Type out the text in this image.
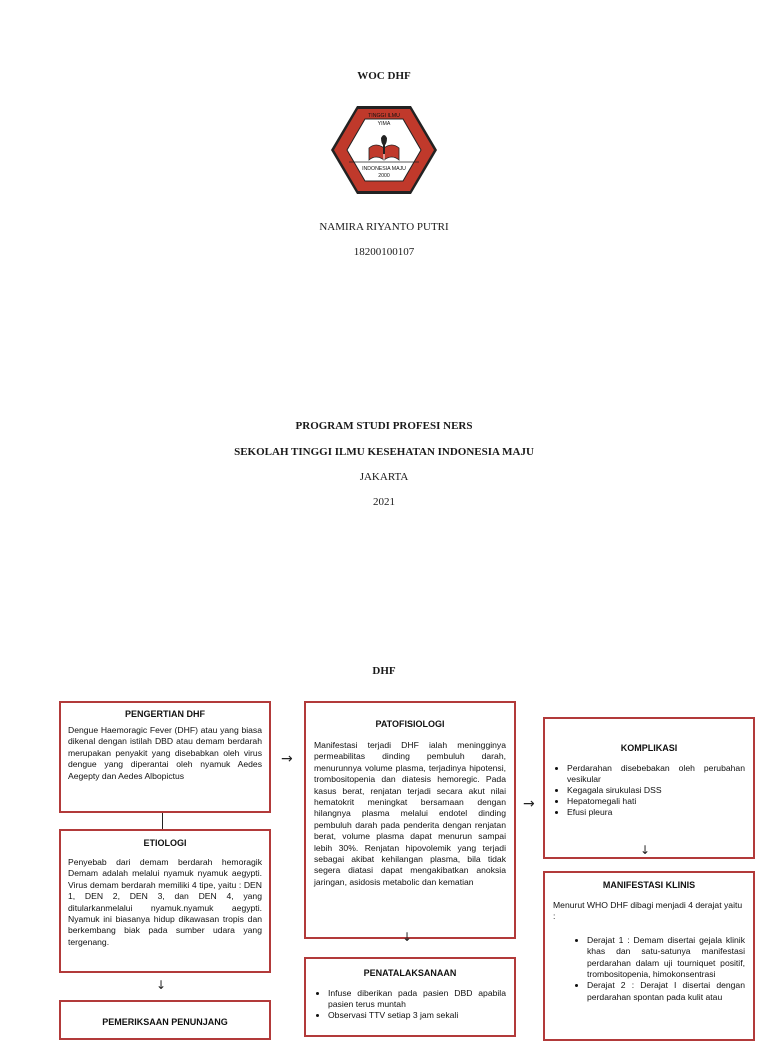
WOC DHF
TINGGI ILMU
YIMA
INDONESIA MAJU
2000
NAMIRA RIYANTO PUTRI
18200100107
PROGRAM STUDI PROFESI NERS
SEKOLAH TINGGI ILMU KESEHATAN INDONESIA MAJU
JAKARTA
2021
DHF
PENGERTIAN DHF
Dengue Haemoragic Fever (DHF) atau yang biasa dikenal dengan istilah DBD atau demam berdarah merupakan penyakit yang disebabkan oleh virus dengue yang diperantai oleh nyamuk Aedes Aegepty dan Aedes Albopictus
ETIOLOGI
Penyebab dari demam berdarah hemoragik Demam adalah melalui nyamuk nyamuk aegypti. Virus demam berdarah memiliki 4 tipe, yaitu : DEN 1, DEN 2, DEN 3, dan DEN 4, yang ditularkanmelalui nyamuk.nyamuk aegypti. Nyamuk ini biasanya hidup dikawasan tropis dan berkembang biak pada sumber udara yang tergenang.
↓
PEMERIKSAAN PENUNJANG
→
PATOFISIOLOGI
Manifestasi terjadi DHF ialah meningginya permeabilitas dinding pembuluh darah, menurunnya volume plasma, terjadinya hipotensi, trombositopenia dan diatesis hemoregic. Pada kasus berat, renjatan terjadi secara akut nilai hematokrit meningkat bersamaan dengan hilangnya plasma melalui endotel dinding pembuluh darah pada penderita dengan renjatan berat, volume plasma dapat menurun sampai lebih 30%. Renjatan hipovolemik yang terjadi sebagai akibat kehilangan plasma, bila tidak segera diatasi dapat mengakibatkan anoksia jaringan, asidosis metabolic dan kematian
↓
PENATALAKSANAAN
• Infuse diberikan pada pasien DBD apabila pasien terus muntah
• Observasi TTV setiap 3 jam sekali
→
KOMPLIKASI
• Perdarahan disebebakan oleh perubahan vesikular
• Kegagala sirukulasi DSS
• Hepatomegali hati
• Efusi pleura
↓
MANIFESTASI KLINIS
Menurut WHO DHF dibagi menjadi 4 derajat yaitu :
• Derajat 1 : Demam disertai gejala klinik khas dan satu-satunya manifestasi perdarahan dalam uji tourniquet positif, trombositopenia, himokonsentrasi
• Derajat 2 : Derajat I disertai dengan perdarahan spontan pada kulit atau
